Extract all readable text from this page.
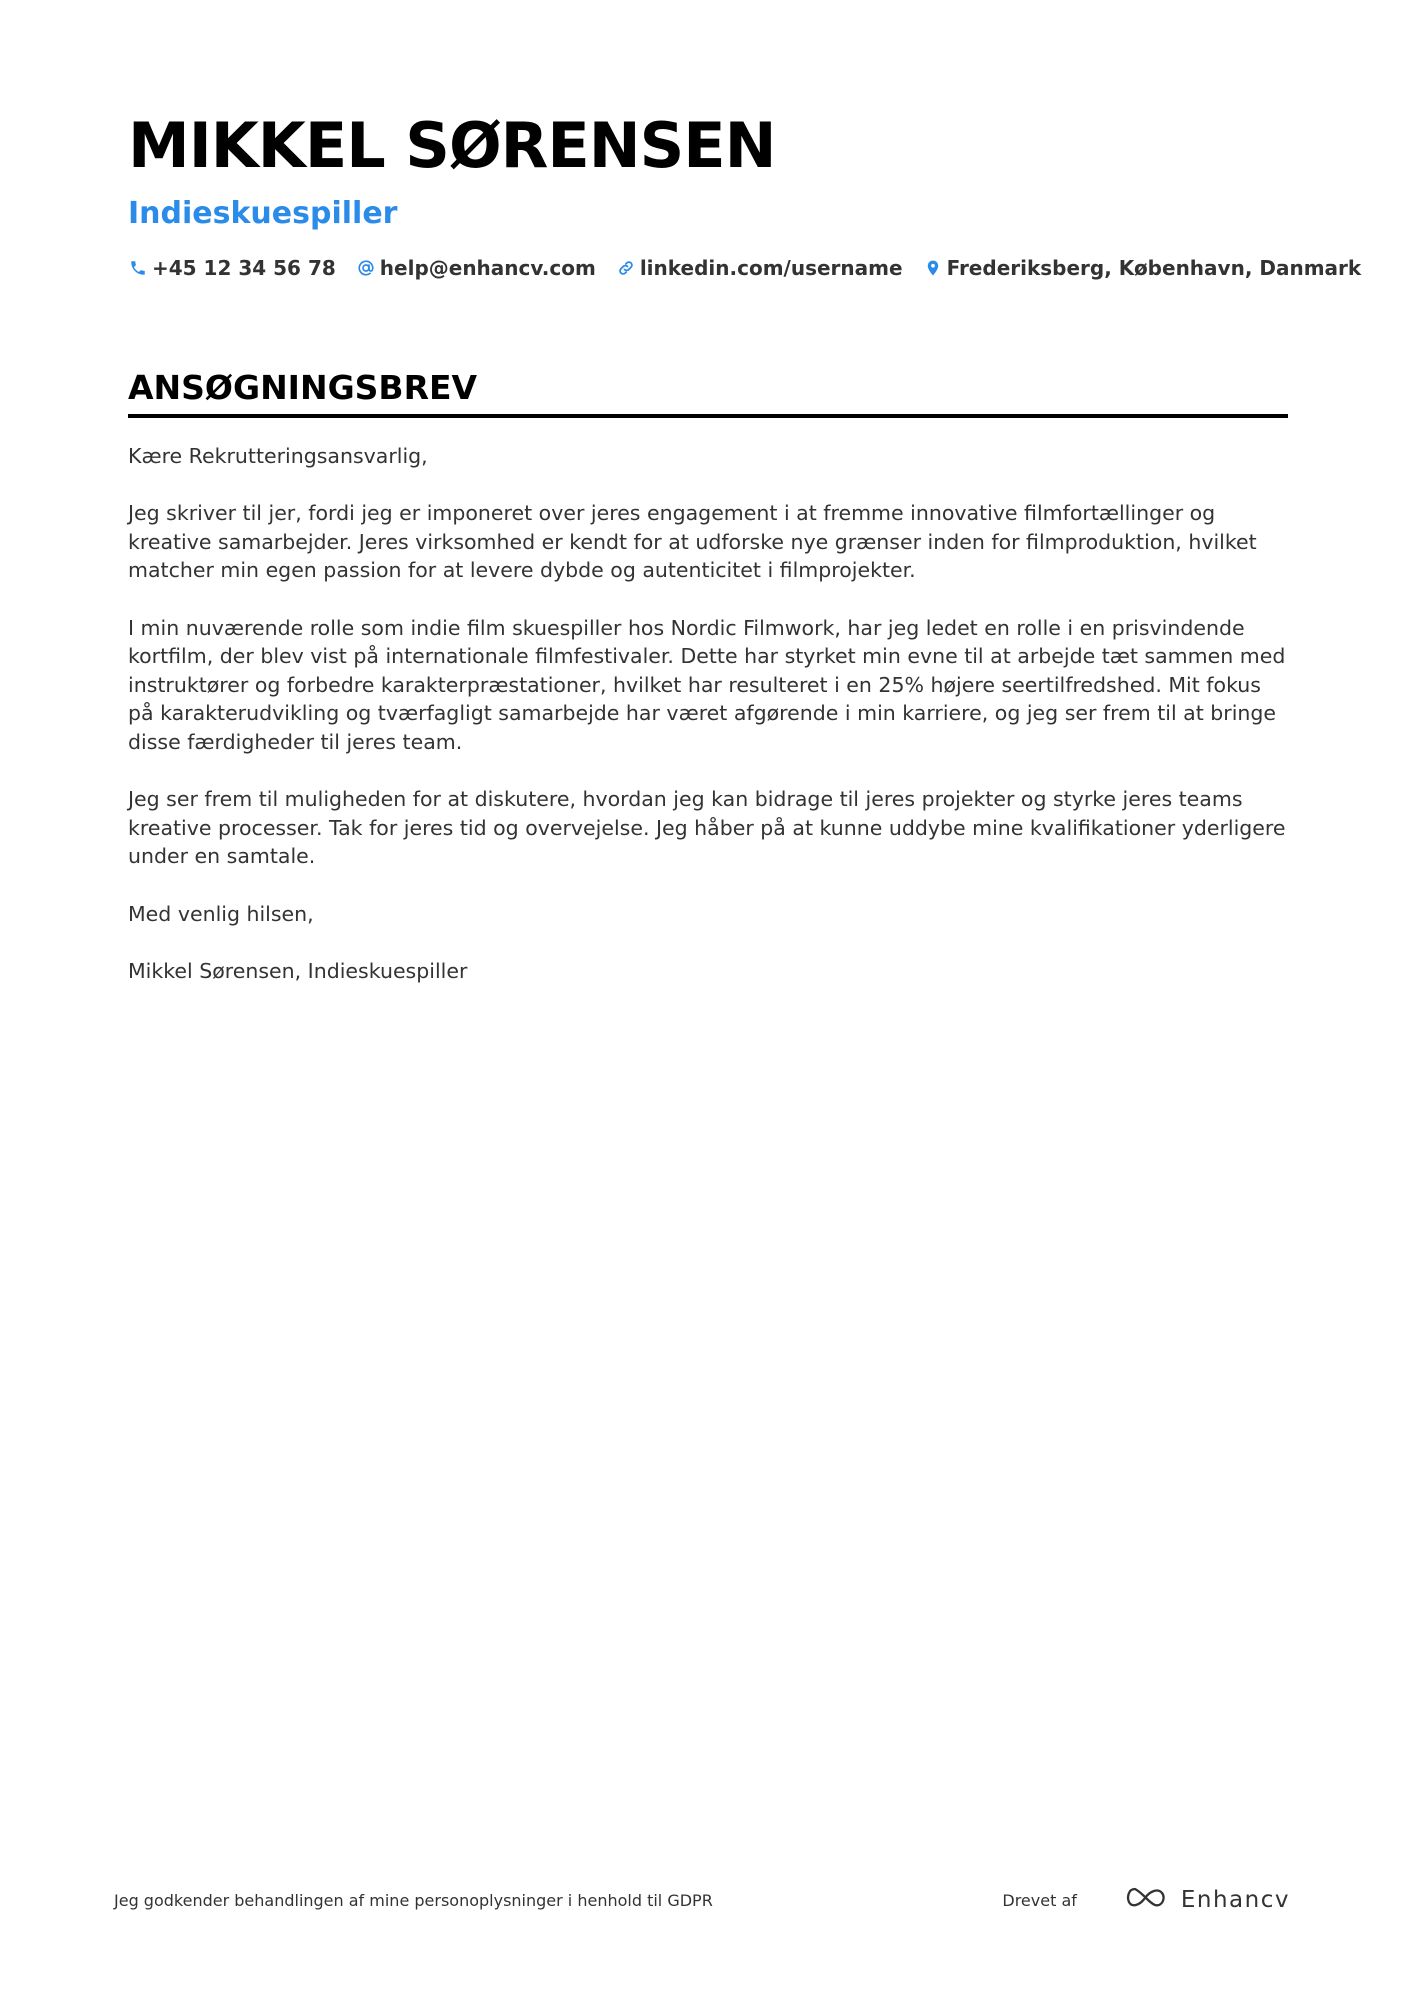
MIKKEL SØRENSEN
Indieskuespiller
+45 12 34 56 78 help@enhancv.com linkedin.com/username Frederiksberg, København, Danmark
ANSØGNINGSBREV

Kære Rekrutteringsansvarlig,

Jeg skriver til jer, fordi jeg er imponeret over jeres engagement i at fremme innovative filmfortællinger og kreative samarbejder. Jeres virksomhed er kendt for at udforske nye grænser inden for filmproduktion, hvilket matcher min egen passion for at levere dybde og autenticitet i filmprojekter.

I min nuværende rolle som indie film skuespiller hos Nordic Filmwork, har jeg ledet en rolle i en prisvindende kortfilm, der blev vist på internationale filmfestivaler. Dette har styrket min evne til at arbejde tæt sammen med instruktører og forbedre karakterpræstationer, hvilket har resulteret i en 25% højere seertilfredshed. Mit fokus på karakterudvikling og tværfagligt samarbejde har været afgørende i min karriere, og jeg ser frem til at bringe disse færdigheder til jeres team.

Jeg ser frem til muligheden for at diskutere, hvordan jeg kan bidrage til jeres projekter og styrke jeres teams kreative processer. Tak for jeres tid og overvejelse. Jeg håber på at kunne uddybe mine kvalifikationer yderligere under en samtale.

Med venlig hilsen,

Mikkel Sørensen, Indieskuespiller

Jeg godkender behandlingen af mine personoplysninger i henhold til GDPR	Drevet af	Enhancv
